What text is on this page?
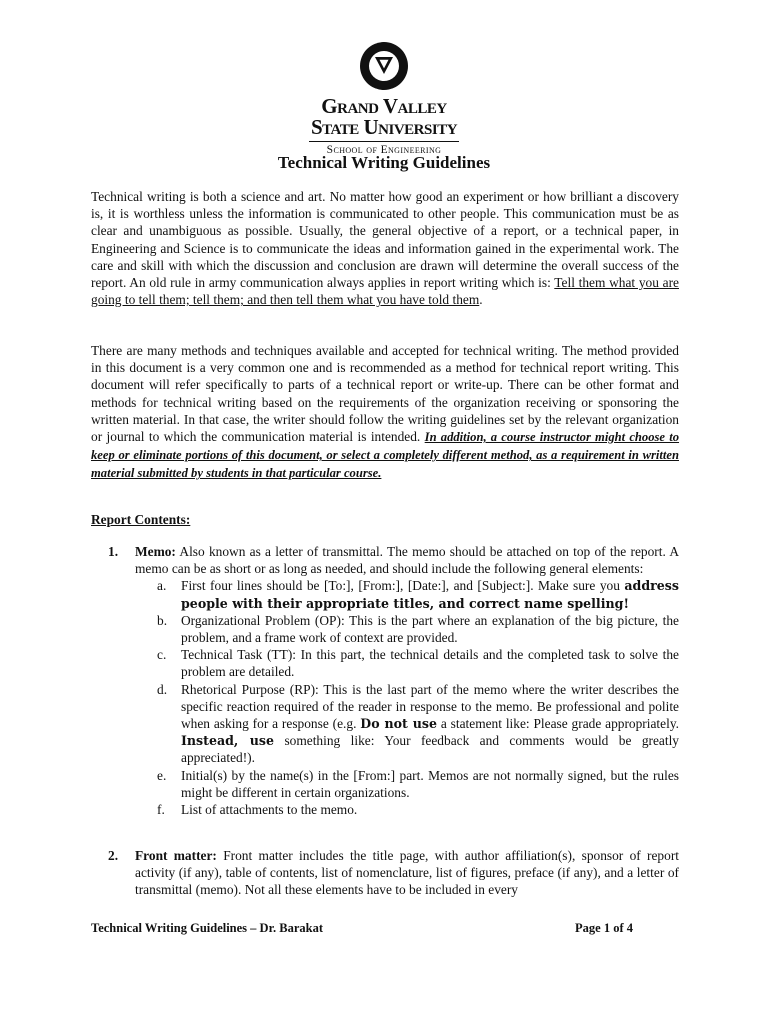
Grand Valley
State University
School of Engineering
Technical Writing Guidelines

Technical writing is both a science and art. No matter how good an experiment or how brilliant a discovery is, it is worthless unless the information is communicated to other people. This communication must be as clear and unambiguous as possible. Usually, the general objective of a report, or a technical paper, in Engineering and Science is to communicate the ideas and information gained in the experimental work. The care and skill with which the discussion and conclusion are drawn will determine the overall success of the report. An old rule in army communication always applies in report writing which is: Tell them what you are going to tell them; tell them; and then tell them what you have told them.

There are many methods and techniques available and accepted for technical writing. The method provided in this document is a very common one and is recommended as a method for technical report writing. This document will refer specifically to parts of a technical report or write-up. There can be other format and methods for technical writing based on the requirements of the organization receiving or sponsoring the written material. In that case, the writer should follow the writing guidelines set by the relevant organization or journal to which the communication material is intended. In addition, a course instructor might choose to keep or eliminate portions of this document, or select a completely different method, as a requirement in written material submitted by students in that particular course.

Report Contents:
1. Memo: Also known as a letter of transmittal. The memo should be attached on top of the report. A memo can be as short or as long as needed, and should include the following general elements:
a. First four lines should be [To:], [From:], [Date:], and [Subject:]. Make sure you address people with their appropriate titles, and correct name spelling!
b. Organizational Problem (OP): This is the part where an explanation of the big picture, the problem, and a frame work of context are provided.
c. Technical Task (TT): In this part, the technical details and the completed task to solve the problem are detailed.
d. Rhetorical Purpose (RP): This is the last part of the memo where the writer describes the specific reaction required of the reader in response to the memo. Be professional and polite when asking for a response (e.g. Do not use a statement like: Please grade appropriately. Instead, use something like: Your feedback and comments would be greatly appreciated!).
e. Initial(s) by the name(s) in the [From:] part. Memos are not normally signed, but the rules might be different in certain organizations.
f. List of attachments to the memo.
2. Front matter: Front matter includes the title page, with author affiliation(s), sponsor of report activity (if any), table of contents, list of nomenclature, list of figures, preface (if any), and a letter of transmittal (memo). Not all these elements have to be included in every
Technical Writing Guidelines – Dr. Barakat	Page 1 of 4
